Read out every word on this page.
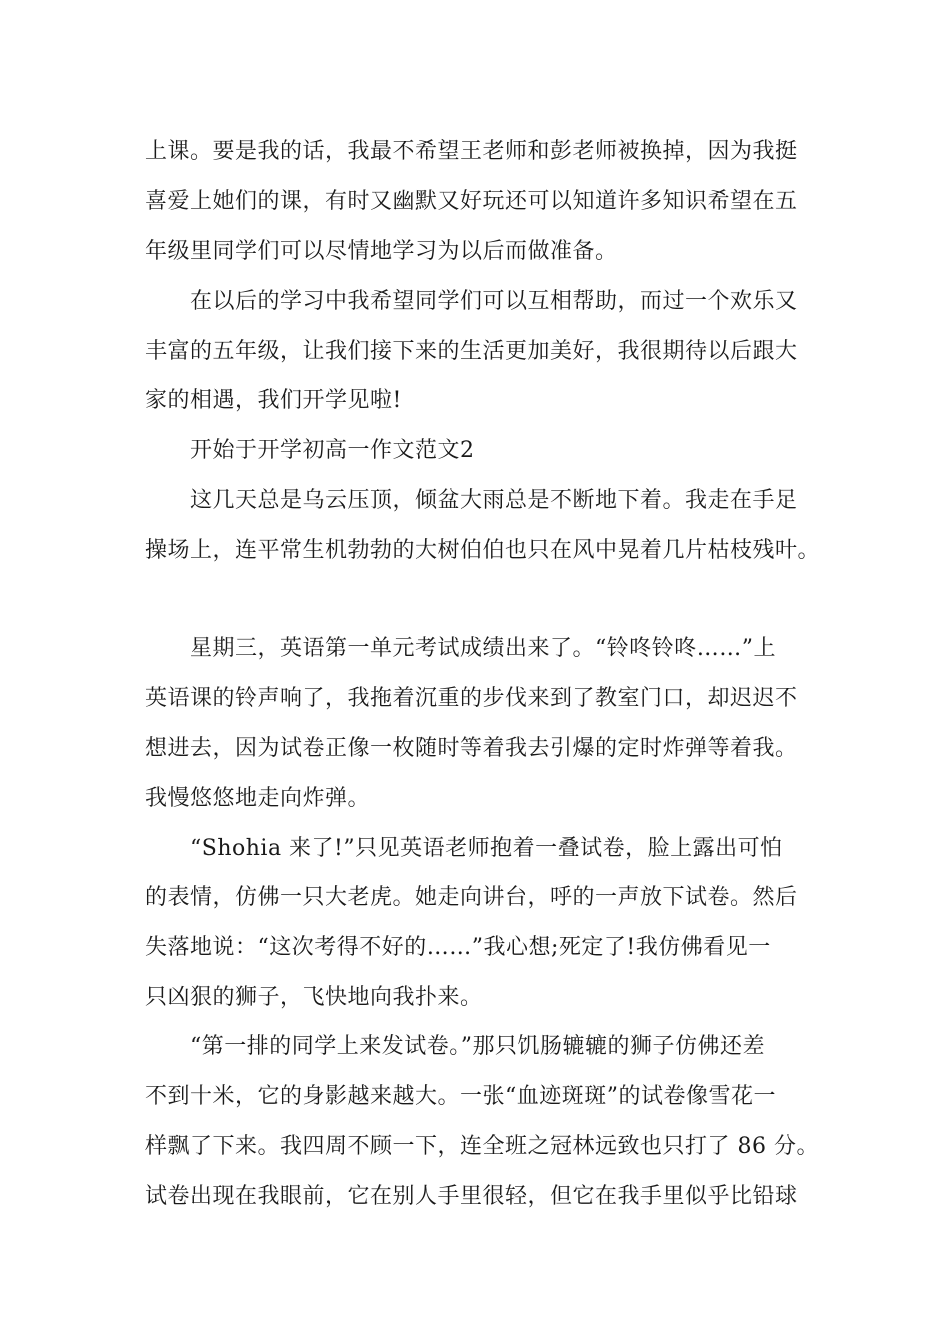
上课。要是我的话，我最不希望王老师和彭老师被换掉，因为我挺
喜爱上她们的课，有时又幽默又好玩还可以知道许多知识希望在五
年级里同学们可以尽情地学习为以后而做准备。
在以后的学习中我希望同学们可以互相帮助，而过一个欢乐又
丰富的五年级，让我们接下来的生活更加美好，我很期待以后跟大
家的相遇，我们开学见啦!
开始于开学初高一作文范文2
这几天总是乌云压顶，倾盆大雨总是不断地下着。我走在手足
操场上，连平常生机勃勃的大树伯伯也只在风中晃着几片枯枝残叶。
星期三，英语第一单元考试成绩出来了。“铃咚铃咚……”上
英语课的铃声响了，我拖着沉重的步伐来到了教室门口，却迟迟不
想进去，因为试卷正像一枚随时等着我去引爆的定时炸弹等着我。
我慢悠悠地走向炸弹。
“Shohia 来了!”只见英语老师抱着一叠试卷，脸上露出可怕
的表情，仿佛一只大老虎。她走向讲台，呼的一声放下试卷。然后
失落地说：“这次考得不好的……”我心想;死定了!我仿佛看见一
只凶狠的狮子，飞快地向我扑来。
“第一排的同学上来发试卷。”那只饥肠辘辘的狮子仿佛还差
不到十米，它的身影越来越大。一张“血迹斑斑”的试卷像雪花一
样飘了下来。我四周不顾一下，连全班之冠林远致也只打了 86 分。
试卷出现在我眼前，它在别人手里很轻，但它在我手里似乎比铅球
